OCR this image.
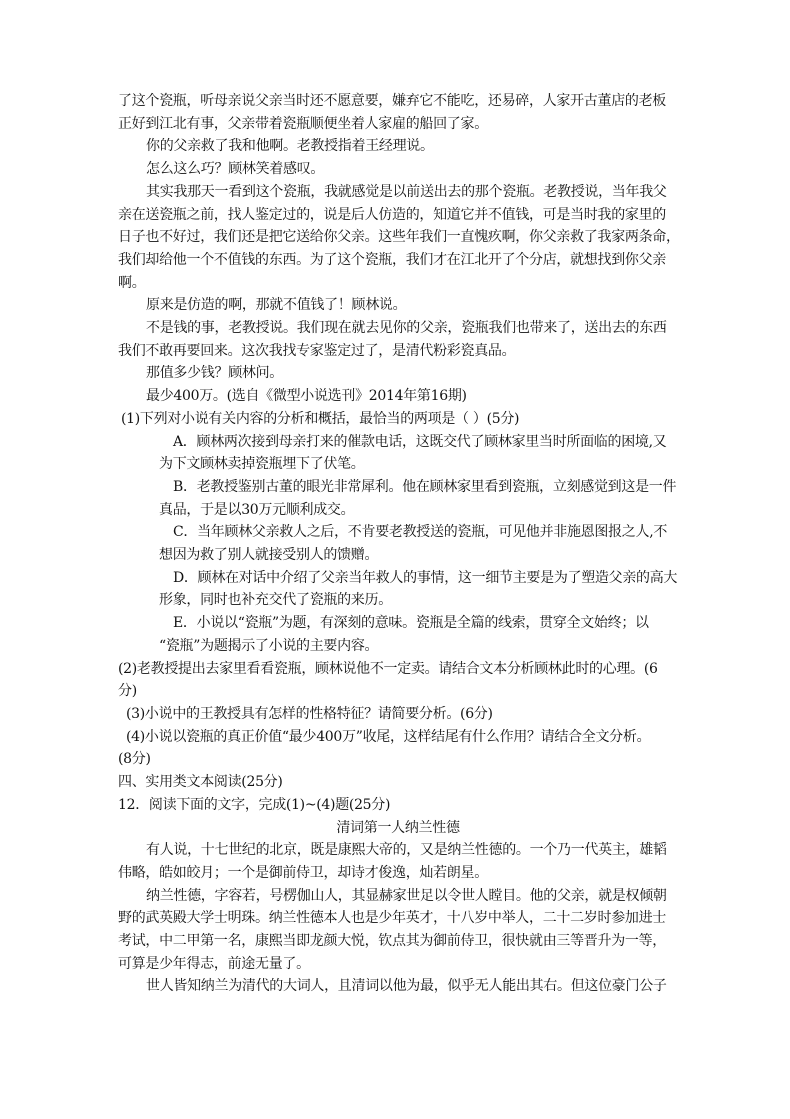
了这个瓷瓶，听母亲说父亲当时还不愿意要，嫌弃它不能吃，还易碎，人家开古董店的老板
正好到江北有事，父亲带着瓷瓶顺便坐着人家雇的船回了家。
你的父亲救了我和他啊。老教授指着王经理说。
怎么这么巧？顾林笑着感叹。
其实我那天一看到这个瓷瓶，我就感觉是以前送出去的那个瓷瓶。老教授说，当年我父
亲在送瓷瓶之前，找人鉴定过的，说是后人仿造的，知道它并不值钱，可是当时我的家里的
日子也不好过，我们还是把它送给你父亲。这些年我们一直愧疚啊，你父亲救了我家两条命，
我们却给他一个不值钱的东西。为了这个瓷瓶，我们才在江北开了个分店，就想找到你父亲
啊。
原来是仿造的啊，那就不值钱了！顾林说。
不是钱的事，老教授说。我们现在就去见你的父亲，瓷瓶我们也带来了，送出去的东西
我们不敢再要回来。这次我找专家鉴定过了，是清代粉彩瓷真品。
那值多少钱？顾林问。
最少400万。(选自《微型小说选刊》2014年第16期)
(1)下列对小说有关内容的分析和概括，最恰当的两项是（ ）(5分)
A．顾林两次接到母亲打来的催款电话，这既交代了顾林家里当时所面临的困境,又
为下文顾林卖掉瓷瓶埋下了伏笔。
B．老教授鉴别古董的眼光非常犀利。他在顾林家里看到瓷瓶，立刻感觉到这是一件
真品，于是以30万元顺利成交。
C．当年顾林父亲救人之后，不肯要老教授送的瓷瓶，可见他并非施恩图报之人,不
想因为救了别人就接受别人的馈赠。
D．顾林在对话中介绍了父亲当年救人的事情，这一细节主要是为了塑造父亲的高大
形象，同时也补充交代了瓷瓶的来历。
E．小说以“瓷瓶”为题，有深刻的意味。瓷瓶是全篇的线索，贯穿全文始终；以
“瓷瓶”为题揭示了小说的主要内容。
(2)老教授提出去家里看看瓷瓶，顾林说他不一定卖。请结合文本分析顾林此时的心理。(6
分)
(3)小说中的王教授具有怎样的性格特征？请简要分析。(6分)
(4)小说以瓷瓶的真正价值“最少400万”收尾，这样结尾有什么作用？请结合全文分析。
(8分)
四、实用类文本阅读(25分)
12．阅读下面的文字，完成(1)~(4)题(25分)
清词第一人纳兰性德
有人说，十七世纪的北京，既是康熙大帝的，又是纳兰性德的。一个乃一代英主，雄韬
伟略，皓如皎月；一个是御前侍卫，却诗才俊逸，灿若朗星。
纳兰性德，字容若，号楞伽山人，其显赫家世足以令世人瞠目。他的父亲，就是权倾朝
野的武英殿大学士明珠。纳兰性德本人也是少年英才，十八岁中举人，二十二岁时参加进士
考试，中二甲第一名，康熙当即龙颜大悦，钦点其为御前侍卫，很快就由三等晋升为一等，
可算是少年得志，前途无量了。
世人皆知纳兰为清代的大词人，且清词以他为最，似乎无人能出其右。但这位豪门公子
